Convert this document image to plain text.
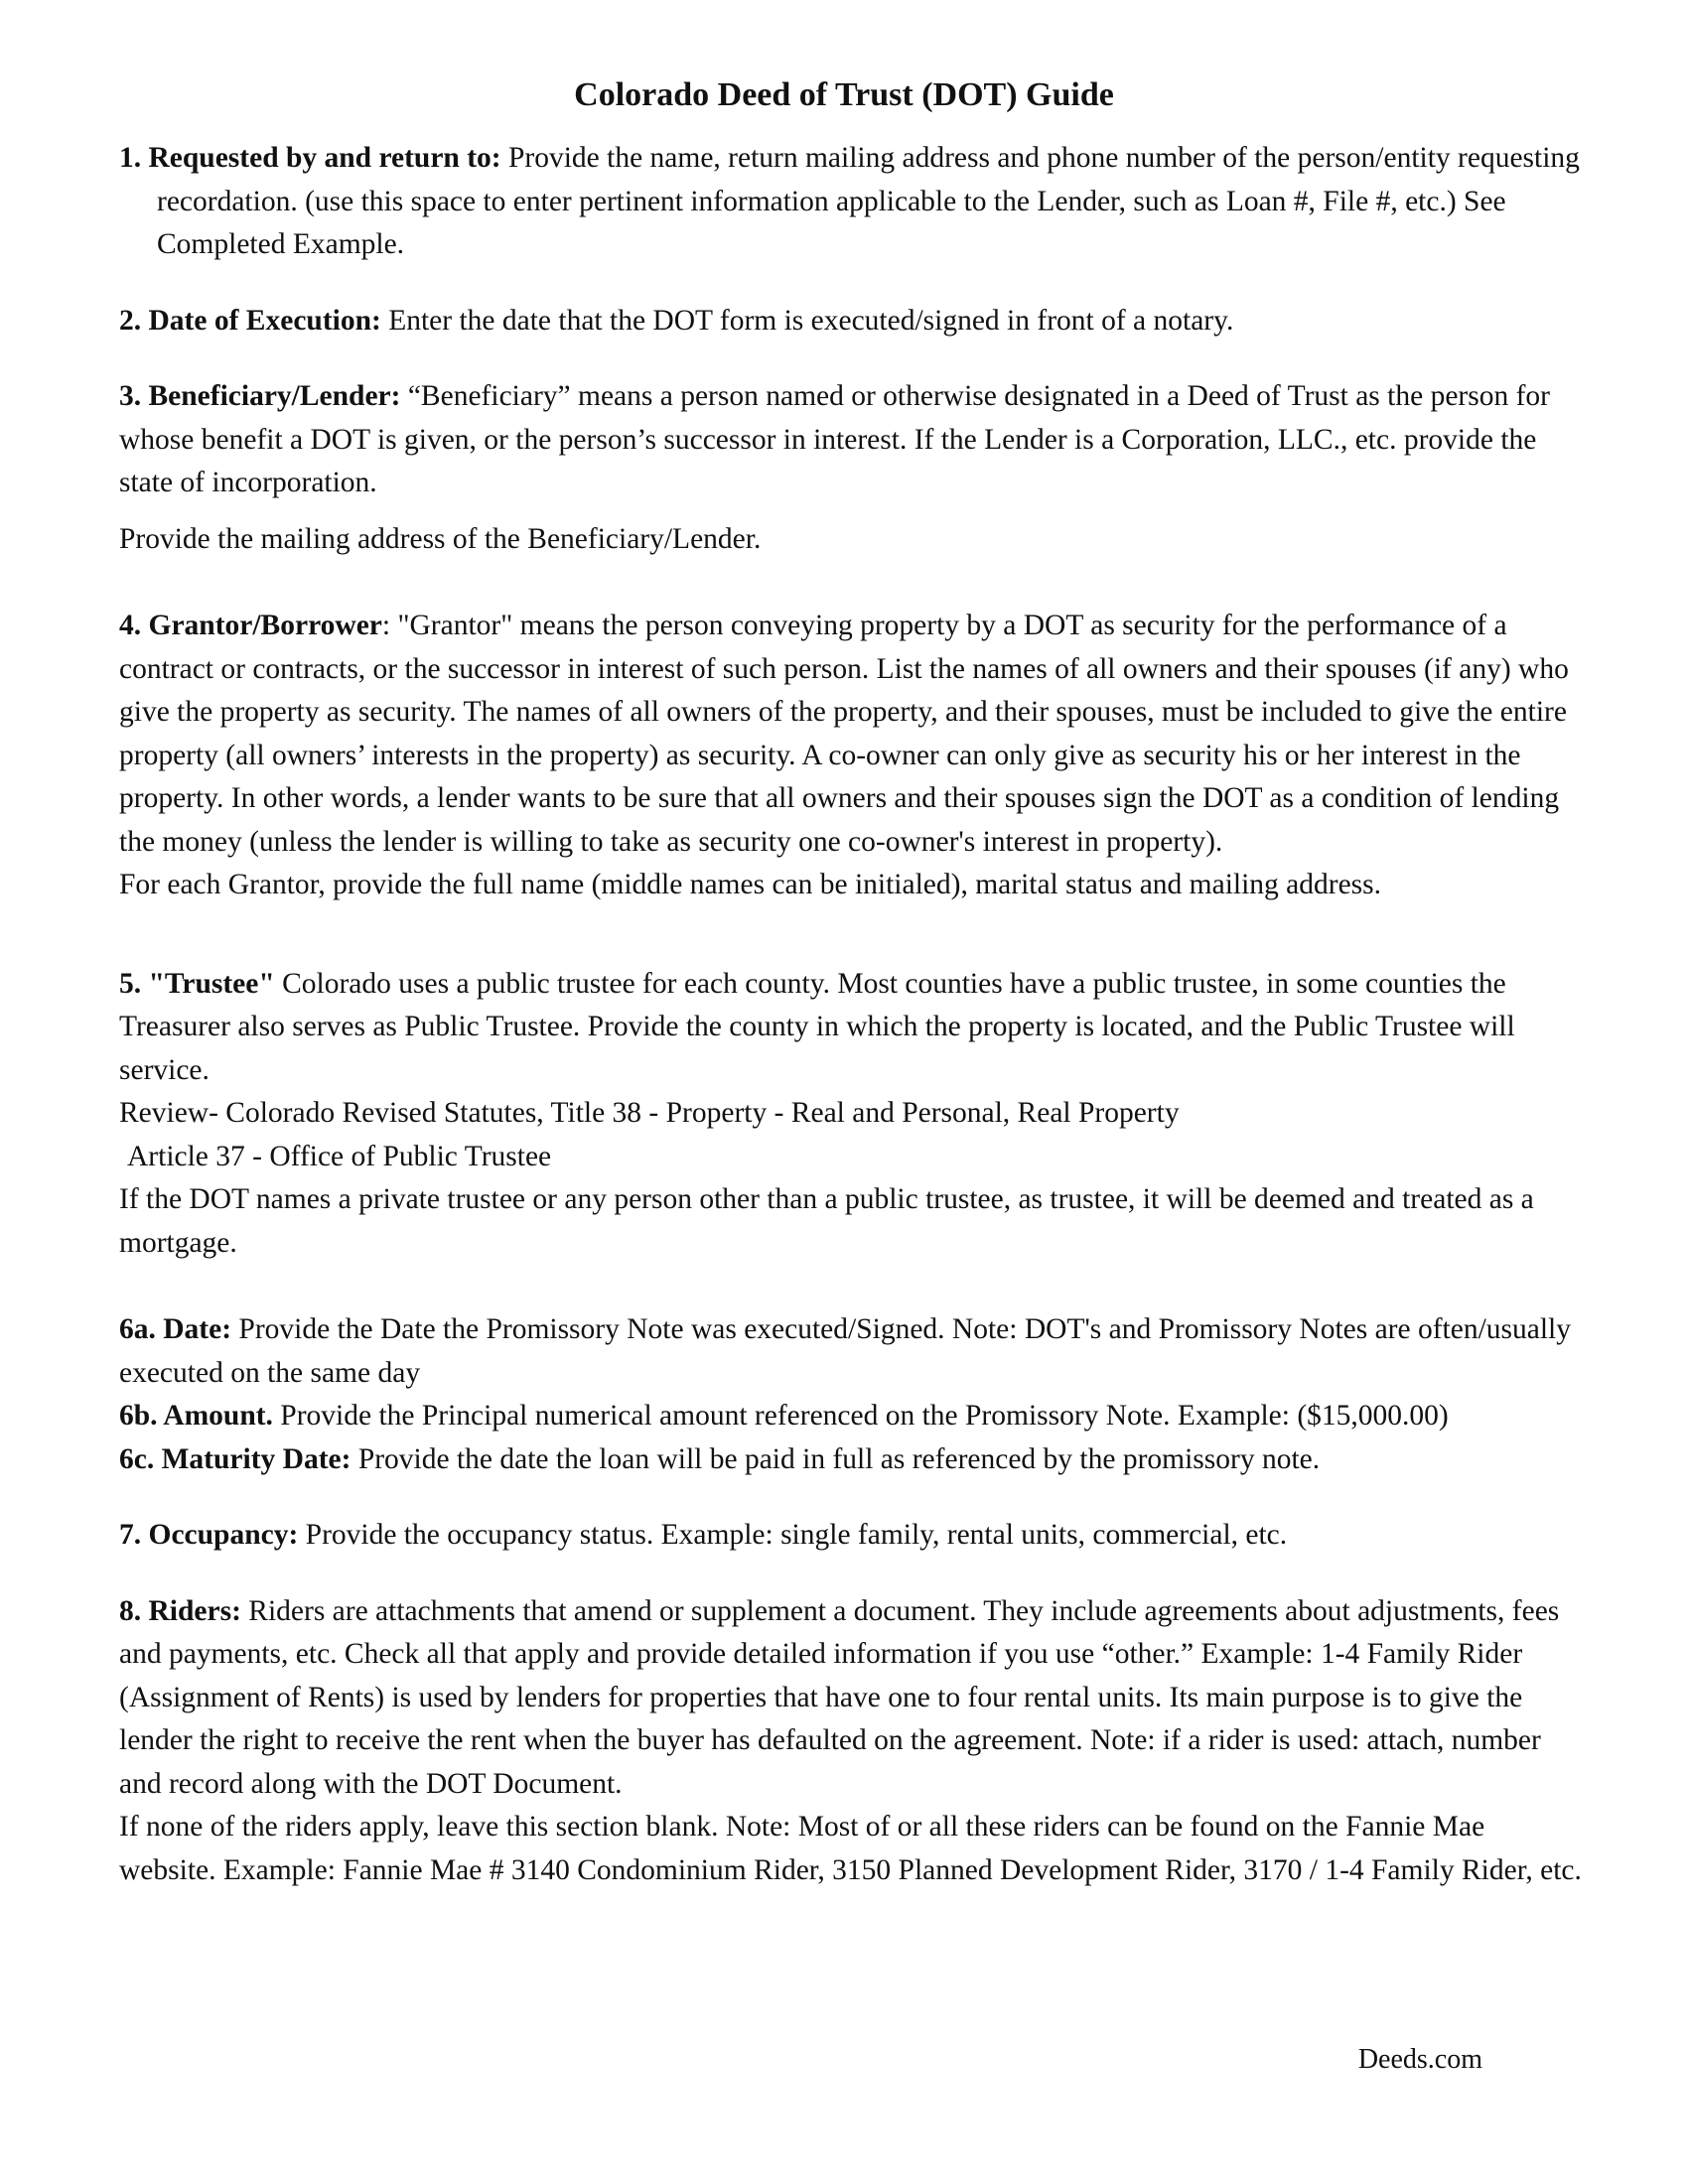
Colorado Deed of Trust (DOT) Guide

1. Requested by and return to: Provide the name, return mailing address and phone number of the person/entity requesting recordation. (use this space to enter pertinent information applicable to the Lender, such as Loan #, File #, etc.) See Completed Example.

2. Date of Execution: Enter the date that the DOT form is executed/signed in front of a notary.

3. Beneficiary/Lender: “Beneficiary” means a person named or otherwise designated in a Deed of Trust as the person for whose benefit a DOT is given, or the person’s successor in interest. If the Lender is a Corporation, LLC., etc. provide the state of incorporation.

Provide the mailing address of the Beneficiary/Lender.

4. Grantor/Borrower: "Grantor" means the person conveying property by a DOT as security for the performance of a contract or contracts, or the successor in interest of such person. List the names of all owners and their spouses (if any) who give the property as security. The names of all owners of the property, and their spouses, must be included to give the entire property (all owners’ interests in the property) as security. A co-owner can only give as security his or her interest in the property. In other words, a lender wants to be sure that all owners and their spouses sign the DOT as a condition of lending the money (unless the lender is willing to take as security one co-owner's interest in property).

For each Grantor, provide the full name (middle names can be initialed), marital status and mailing address.

5. "Trustee" Colorado uses a public trustee for each county. Most counties have a public trustee, in some counties the Treasurer also serves as Public Trustee. Provide the county in which the property is located, and the Public Trustee will service.

Review- Colorado Revised Statutes, Title 38 - Property - Real and Personal, Real Property

Article 37 - Office of Public Trustee

If the DOT names a private trustee or any person other than a public trustee, as trustee, it will be deemed and treated as a mortgage.

6a. Date: Provide the Date the Promissory Note was executed/Signed. Note: DOT's and Promissory Notes are often/usually executed on the same day

6b. Amount. Provide the Principal numerical amount referenced on the Promissory Note. Example: ($15,000.00)

6c. Maturity Date: Provide the date the loan will be paid in full as referenced by the promissory note.

7. Occupancy: Provide the occupancy status. Example: single family, rental units, commercial, etc.

8. Riders: Riders are attachments that amend or supplement a document. They include agreements about adjustments, fees and payments, etc. Check all that apply and provide detailed information if you use “other.” Example: 1-4 Family Rider (Assignment of Rents) is used by lenders for properties that have one to four rental units. Its main purpose is to give the lender the right to receive the rent when the buyer has defaulted on the agreement. Note: if a rider is used: attach, number and record along with the DOT Document.

If none of the riders apply, leave this section blank. Note: Most of or all these riders can be found on the Fannie Mae website. Example: Fannie Mae # 3140 Condominium Rider, 3150 Planned Development Rider, 3170 / 1-4 Family Rider, etc.

Deeds.com
